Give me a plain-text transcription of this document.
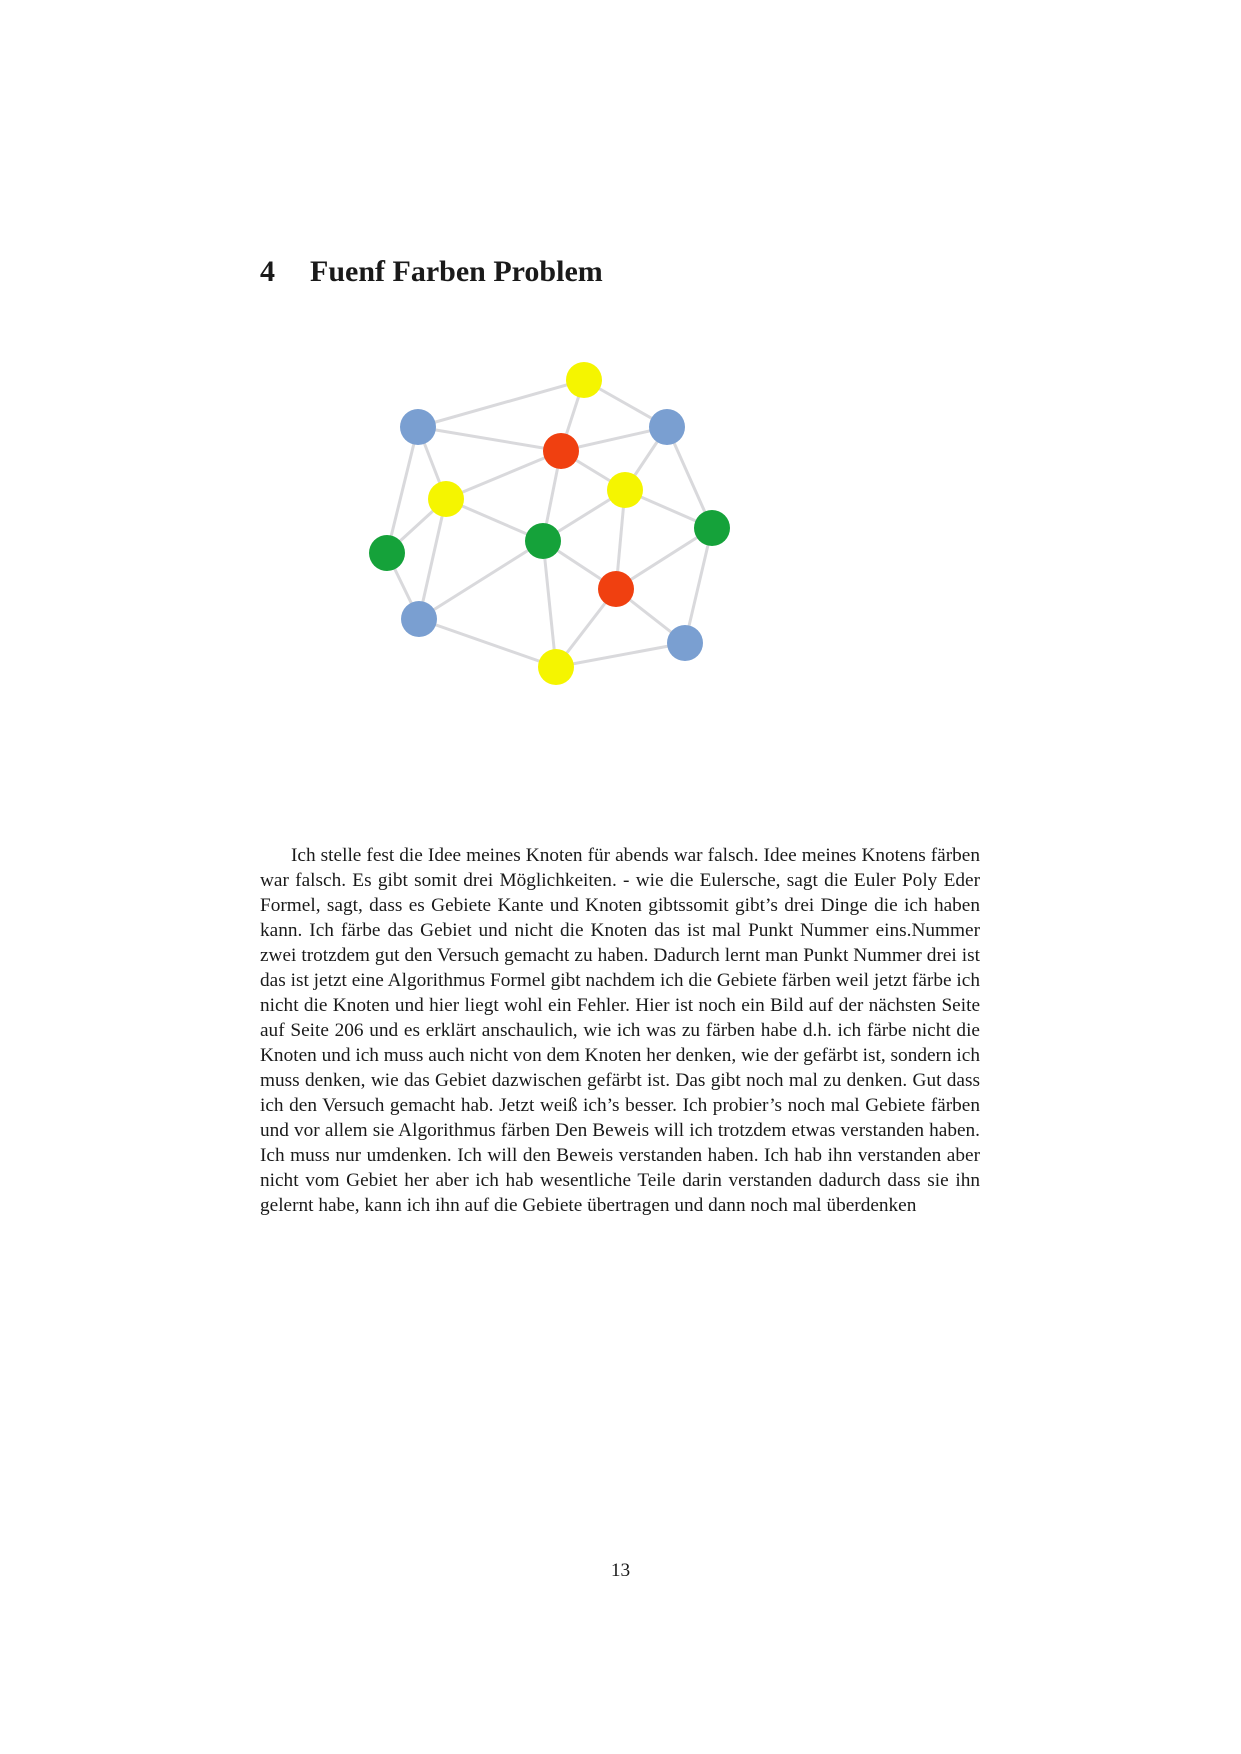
4 Fuenf Farben Problem

Ich stelle fest die Idee meines Knoten für abends war falsch. Idee meines Knotens färben war falsch. Es gibt somit drei Möglichkeiten. - wie die Eulersche, sagt die Euler Poly Eder Formel, sagt, dass es Gebiete Kante und Knoten gibtssomit gibt’s drei Dinge die ich haben kann. Ich färbe das Gebiet und nicht die Knoten das ist mal Punkt Nummer eins.Nummer zwei trotzdem gut den Versuch gemacht zu haben. Dadurch lernt man Punkt Nummer drei ist das ist jetzt eine Algorithmus Formel gibt nachdem ich die Gebiete färben weil jetzt färbe ich nicht die Knoten und hier liegt wohl ein Fehler. Hier ist noch ein Bild auf der nächsten Seite auf Seite 206 und es erklärt anschaulich, wie ich was zu färben habe d.h. ich färbe nicht die Knoten und ich muss auch nicht von dem Knoten her denken, wie der gefärbt ist, sondern ich muss denken, wie das Gebiet dazwischen gefärbt ist. Das gibt noch mal zu denken. Gut dass ich den Versuch gemacht hab. Jetzt weiß ich’s besser. Ich probier’s noch mal Gebiete färben und vor allem sie Algorithmus färben Den Beweis will ich trotzdem etwas verstanden haben. Ich muss nur umdenken. Ich will den Beweis verstanden haben. Ich hab ihn verstanden aber nicht vom Gebiet her aber ich hab wesentliche Teile darin verstanden dadurch dass sie ihn gelernt habe, kann ich ihn auf die Gebiete übertragen und dann noch mal überdenken

13
